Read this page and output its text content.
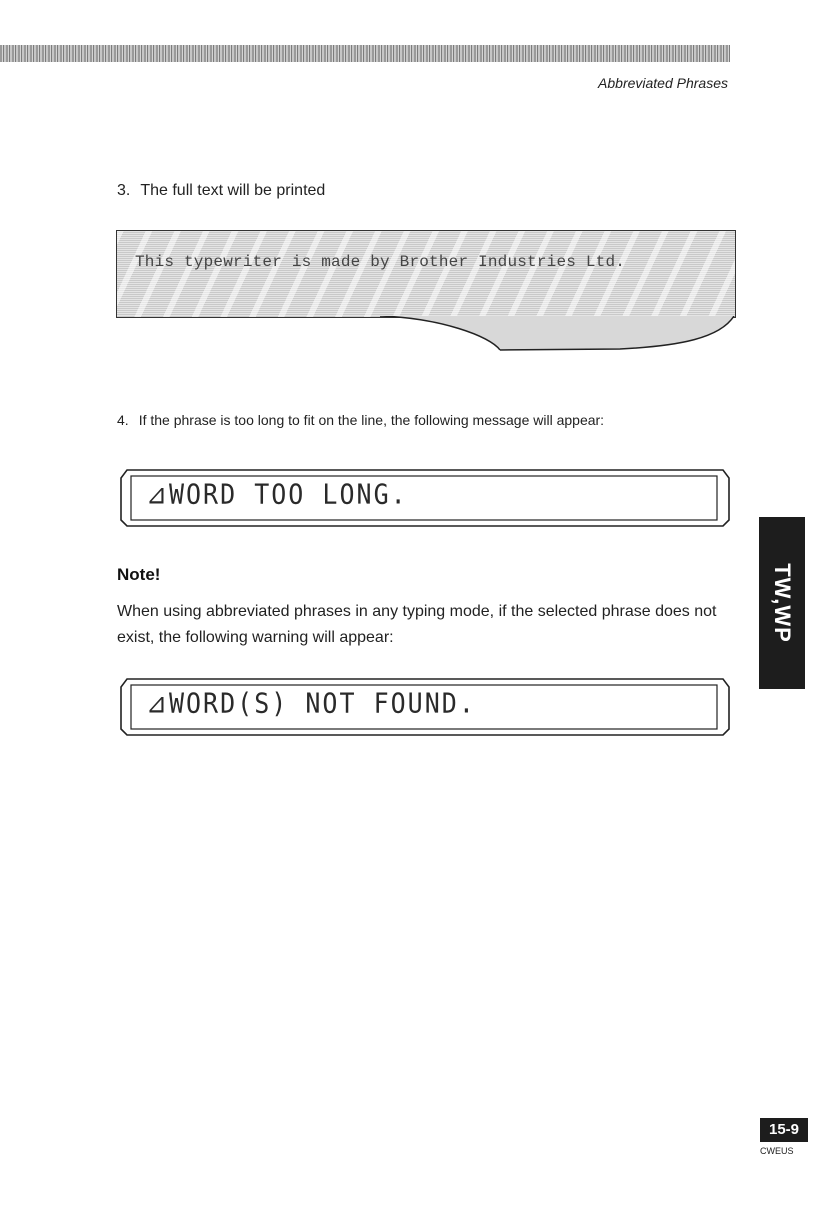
Abbreviated Phrases
3. The full text will be printed
This typewriter is made by Brother Industries Ltd.
4. If the phrase is too long to fit on the line, the following message will appear:
⊿WORD TOO LONG.
Note!
When using abbreviated phrases in any typing mode, if the selected phrase does not exist, the following warning will appear:
⊿WORD(S) NOT FOUND.
TW,WP
15-9
CWEUS
